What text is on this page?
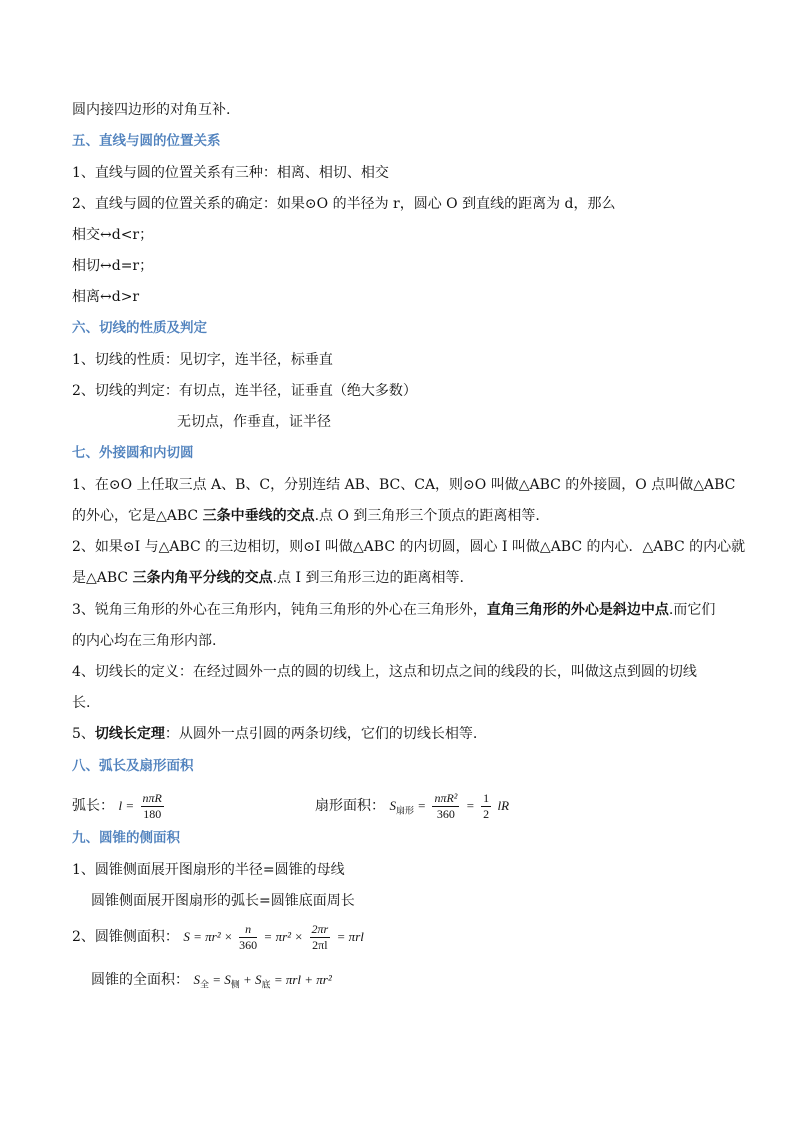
圆内接四边形的对角互补.
五、直线与圆的位置关系
1、直线与圆的位置关系有三种：相离、相切、相交
2、直线与圆的位置关系的确定：如果⊙O 的半径为 r，圆心 O 到直线的距离为 d，那么
相交↔d<r；
相切↔d=r；
相离↔d>r
六、切线的性质及判定
1、切线的性质：见切字，连半径，标垂直
2、切线的判定：有切点，连半径，证垂直（绝大多数）
无切点，作垂直，证半径
七、外接圆和内切圆
1、在⊙O 上任取三点 A、B、C，分别连结 AB、BC、CA，则⊙O 叫做△ABC 的外接圆，O 点叫做△ABC
的外心，它是△ABC 三条中垂线的交点.点 O 到三角形三个顶点的距离相等.
2、如果⊙I 与△ABC 的三边相切，则⊙I 叫做△ABC 的内切圆，圆心 I 叫做△ABC 的内心．△ABC 的内心就
是△ABC 三条内角平分线的交点.点 I 到三角形三边的距离相等.
3、锐角三角形的外心在三角形内，钝角三角形的外心在三角形外，直角三角形的外心是斜边中点.而它们
的内心均在三角形内部.
4、切线长的定义：在经过圆外一点的圆的切线上，这点和切点之间的线段的长，叫做这点到圆的切线
长.
5、切线长定理：从圆外一点引圆的两条切线，它们的切线长相等.
八、弧长及扇形面积
弧长： $l = \frac{\text{nπR}}{180}$	扇形面积： $S_{扇形} = \frac{\text{nπR²}}{360} = \frac{1}{2}$ lR
九、圆锥的侧面积
1、圆锥侧面展开图扇形的半径=圆锥的母线
圆锥侧面展开图扇形的弧长=圆锥底面周长
2、圆锥侧面积： $S = \pi r^2 \times \frac{n}{360} = \pi r^2 \times \frac{2\pi r}{2\pi l} = \pi rl$
圆锥的全面积： $S_全 = S_侧 + S_底 = \pi rl + \pi r^2$
